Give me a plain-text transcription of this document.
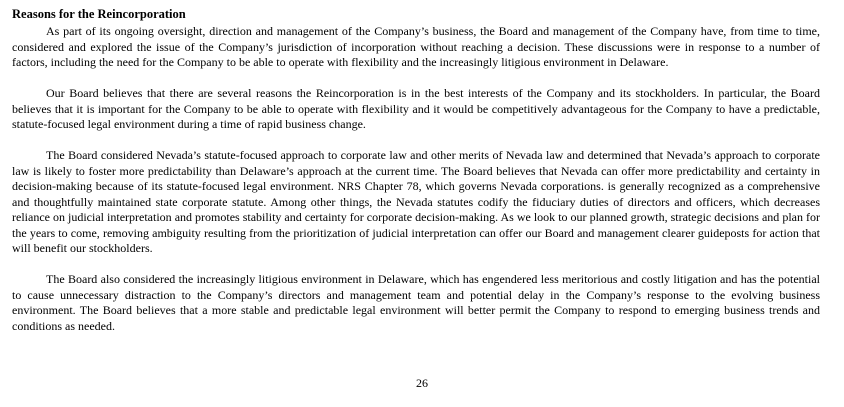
Reasons for the Reincorporation

As part of its ongoing oversight, direction and management of the Company’s business, the Board and management of the Company have, from time to time, considered and explored the issue of the Company’s jurisdiction of incorporation without reaching a decision. These discussions were in response to a number of factors, including the need for the Company to be able to operate with flexibility and the increasingly litigious environment in Delaware.

Our Board believes that there are several reasons the Reincorporation is in the best interests of the Company and its stockholders. In particular, the Board believes that it is important for the Company to be able to operate with flexibility and it would be competitively advantageous for the Company to have a predictable, statute-focused legal environment during a time of rapid business change.

The Board considered Nevada’s statute-focused approach to corporate law and other merits of Nevada law and determined that Nevada’s approach to corporate law is likely to foster more predictability than Delaware’s approach at the current time. The Board believes that Nevada can offer more predictability and certainty in decision-making because of its statute-focused legal environment. NRS Chapter 78, which governs Nevada corporations. is generally recognized as a comprehensive and thoughtfully maintained state corporate statute. Among other things, the Nevada statutes codify the fiduciary duties of directors and officers, which decreases reliance on judicial interpretation and promotes stability and certainty for corporate decision-making. As we look to our planned growth, strategic decisions and plan for the years to come, removing ambiguity resulting from the prioritization of judicial interpretation can offer our Board and management clearer guideposts for action that will benefit our stockholders.

The Board also considered the increasingly litigious environment in Delaware, which has engendered less meritorious and costly litigation and has the potential to cause unnecessary distraction to the Company’s directors and management team and potential delay in the Company’s response to the evolving business environment. The Board believes that a more stable and predictable legal environment will better permit the Company to respond to emerging business trends and conditions as needed.

26
